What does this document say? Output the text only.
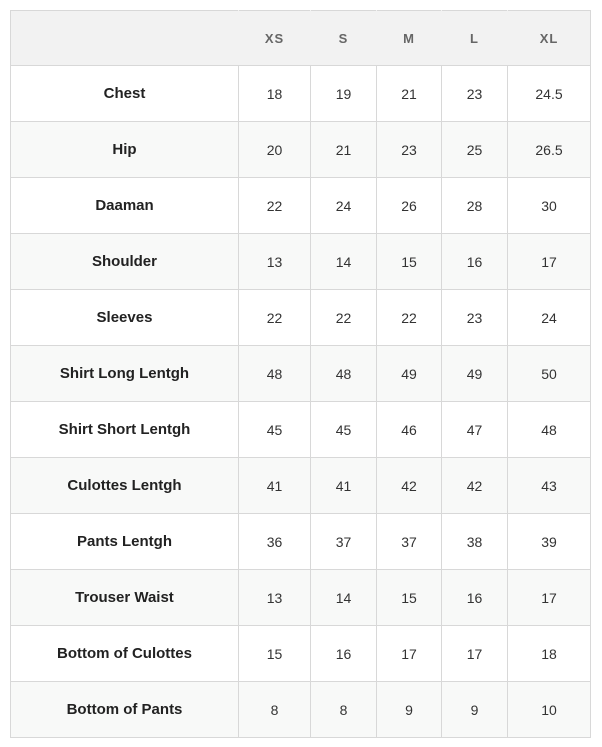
	XS	S	M	L	XL
Chest	18	19	21	23	24.5
Hip	20	21	23	25	26.5
Daaman	22	24	26	28	30
Shoulder	13	14	15	16	17
Sleeves	22	22	22	23	24
Shirt Long Lentgh	48	48	49	49	50
Shirt Short Lentgh	45	45	46	47	48
Culottes Lentgh	41	41	42	42	43
Pants Lentgh	36	37	37	38	39
Trouser Waist	13	14	15	16	17
Bottom of Culottes	15	16	17	17	18
Bottom of Pants	8	8	9	9	10
